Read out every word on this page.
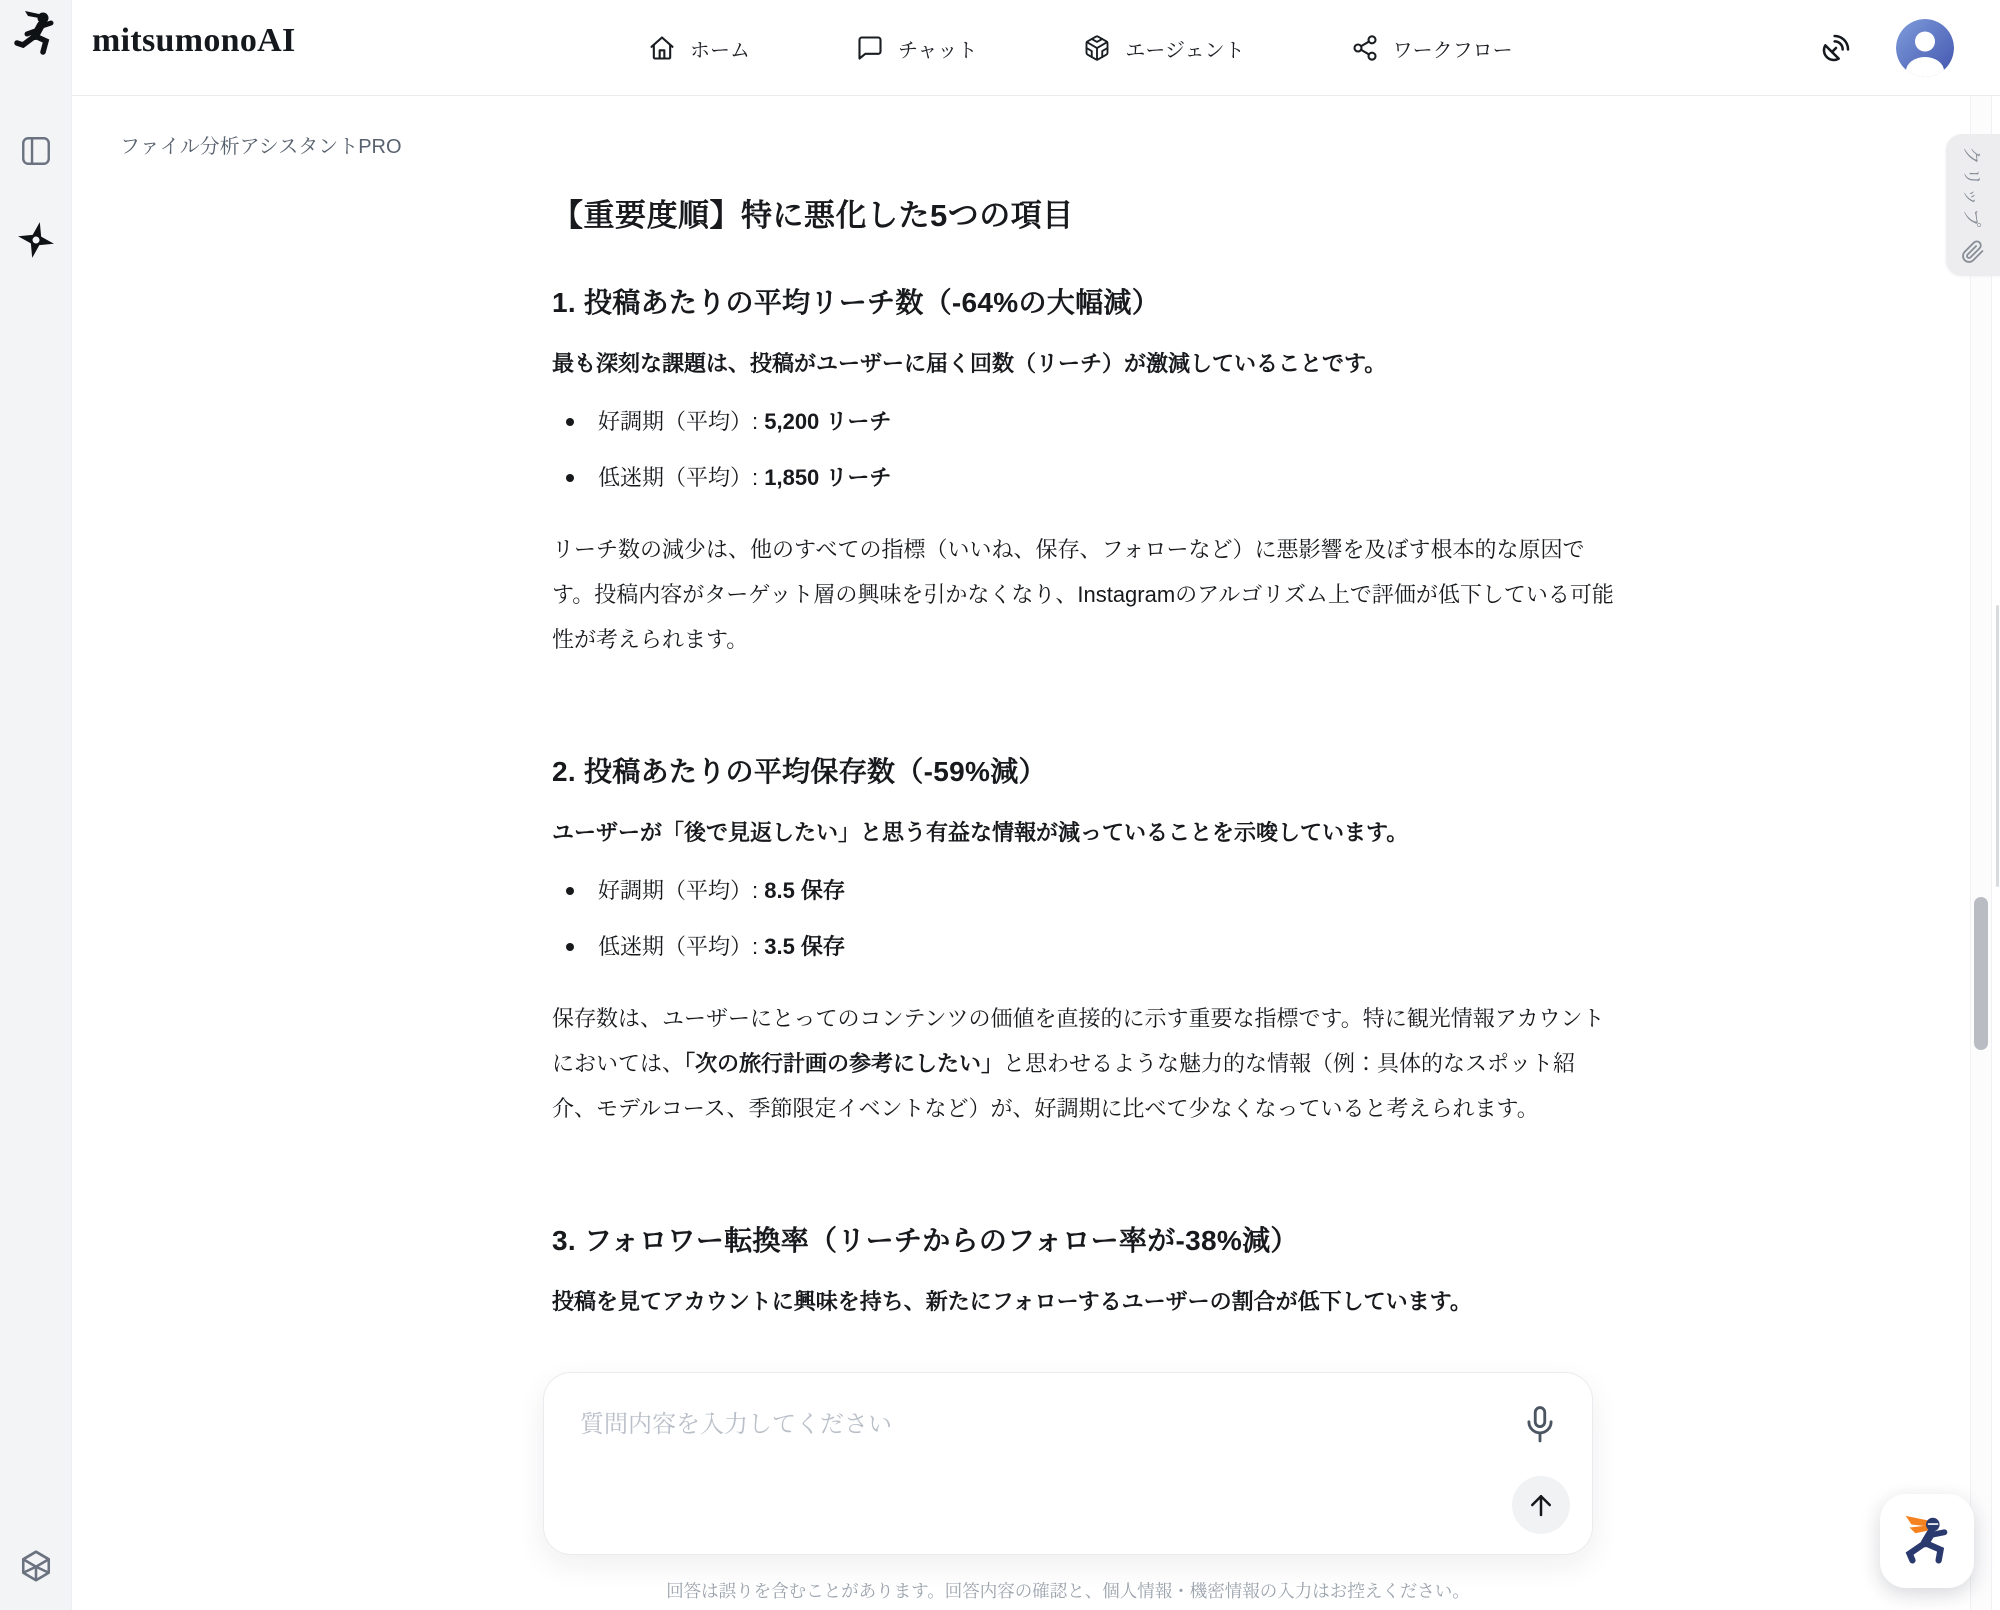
mitsumonoAI	ホーム	チャット	エージェント	ワークフロー
ファイル分析アシスタントPRO	クリップ
【重要度順】特に悪化した5つの項目
1. 投稿あたりの平均リーチ数（-64%の大幅減）

最も深刻な課題は、投稿がユーザーに届く回数（リーチ）が激減していることです。

好調期（平均）: 5,200 リーチ
低迷期（平均）: 1,850 リーチ

リーチ数の減少は、他のすべての指標（いいね、保存、フォローなど）に悪影響を及ぼす根本的な原因です。投稿内容がターゲット層の興味を引かなくなり、Instagramのアルゴリズム上で評価が低下している可能性が考えられます。

2. 投稿あたりの平均保存数（-59%減）

ユーザーが「後で見返したい」と思う有益な情報が減っていることを示唆しています。

好調期（平均）: 8.5 保存
低迷期（平均）: 3.5 保存

保存数は、ユーザーにとってのコンテンツの価値を直接的に示す重要な指標です。特に観光情報アカウントにおいては、「次の旅行計画の参考にしたい」と思わせるような魅力的な情報（例：具体的なスポット紹介、モデルコース、季節限定イベントなど）が、好調期に比べて少なくなっていると考えられます。

3. フォロワー転換率（リーチからのフォロー率が-38%減）

投稿を見てアカウントに興味を持ち、新たにフォローするユーザーの割合が低下しています。

質問内容を入力してください
回答は誤りを含むことがあります。回答内容の確認と、個人情報・機密情報の入力はお控えください。
